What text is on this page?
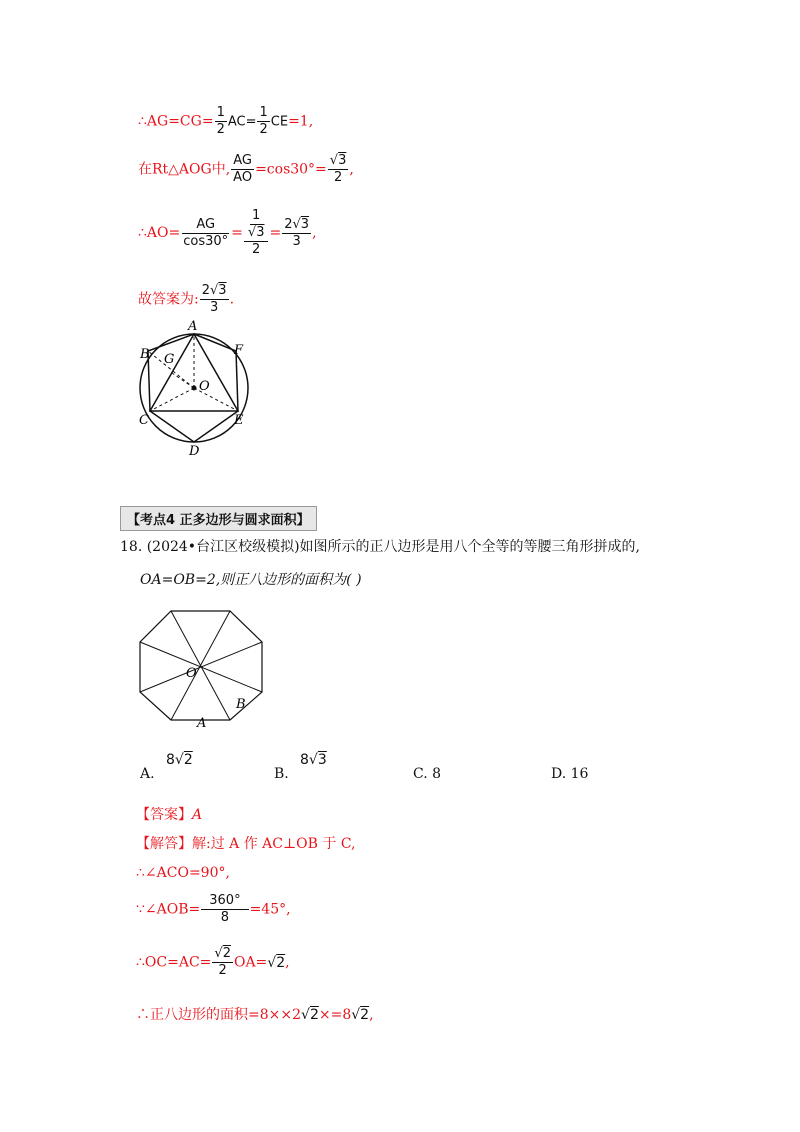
∴AG=CG= $\frac{1}{2} AC= \frac{1}{2} CE=1$,
在Rt△AOG中, $\frac{AG}{AO} =\cos 30^\circ= \frac{√3}{2}$ ,
∴AO= $\frac{AG}{\cos 30^\circ} = \frac{\frac{1}{√3}}{2} = \frac{2√3}{3}$ ,
故答案为: $\frac{2√3}{3}$ .
A
B G
F
O
C	E
D
【考点4 正多边形与圆求面积】
18. (2024•台江区校级模拟)如图所示的正八边形是用八个全等的等腰三角形拼成的,
OA=OB=2,则正八边形的面积为( )
O
A
B
A.
8√2
B.
8√3
C. 8	D. 16
【答案】A
【解答】解:过 A 作 AC⊥OB 于 C,
∴∠ACO=90°,
∵∠AOB= $\frac{360^\circ}{8} =45^\circ$,
∴OC=AC= $\frac{√2}{2} OA=√2$,
∴正八边形的面积=8××2√2×=8√2,
